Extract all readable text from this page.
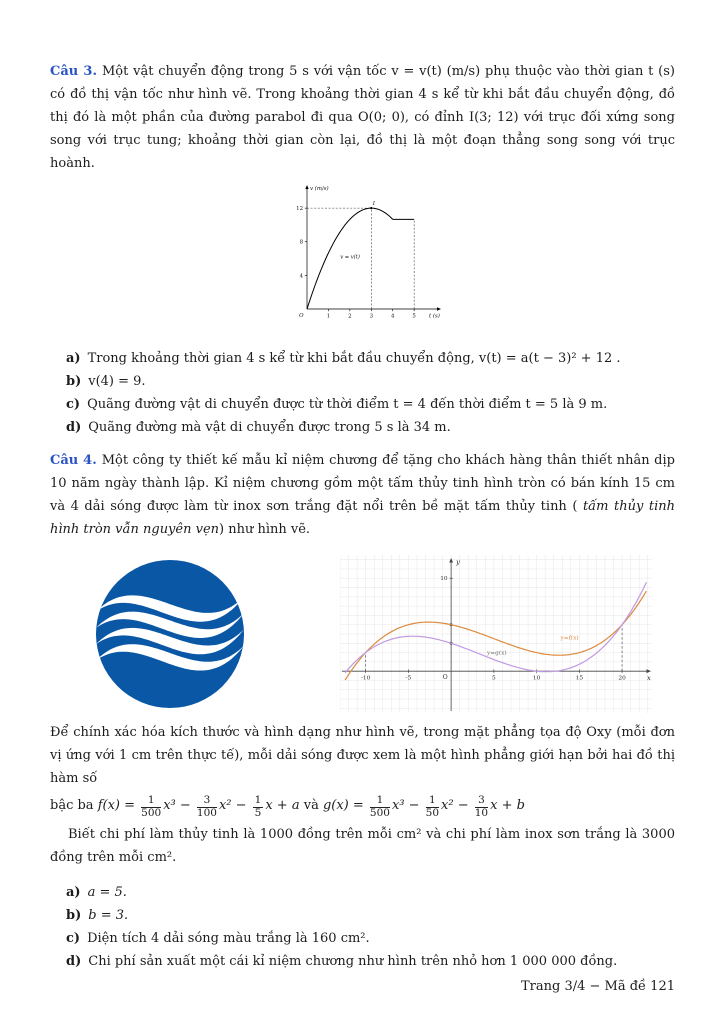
Câu 3. Một vật chuyển động trong 5 s với vận tốc v = v(t) (m/s) phụ thuộc vào thời gian t (s) có đồ thị vận tốc như hình vẽ. Trong khoảng thời gian 4 s kể từ khi bắt đầu chuyển động, đồ thị đó là một phần của đường parabol đi qua O(0; 0), có đỉnh I(3; 12) với trục đối xứng song song với trục tung; khoảng thời gian còn lại, đồ thị là một đoạn thẳng song song với trục hoành.

1	2	3	4	5
4
8
12
O
v (m/s)
t (s)
I
v = v(t)

a) Trong khoảng thời gian 4 s kể từ khi bắt đầu chuyển động, v(t) = a(t − 3)² + 12 .

b) v(4) = 9.

c) Quãng đường vật di chuyển được từ thời điểm t = 4 đến thời điểm t = 5 là 9 m.

d) Quãng đường mà vật di chuyển được trong 5 s là 34 m.

Câu 4. Một công ty thiết kế mẫu kỉ niệm chương để tặng cho khách hàng thân thiết nhân dịp 10 năm ngày thành lập. Kỉ niệm chương gồm một tấm thủy tinh hình tròn có bán kính 15 cm và 4 dải sóng được làm từ inox sơn trắng đặt nổi trên bề mặt tấm thủy tinh ( tấm thủy tinh hình tròn vẫn nguyên vẹn) như hình vẽ.

x
y
-10	-5	5	10	15	20
10
O
y=f(x)
y=g(x)

Để chính xác hóa kích thước và hình dạng như hình vẽ, trong mặt phẳng tọa độ Oxy (mỗi đơn vị ứng với 1 cm trên thực tế), mỗi dải sóng được xem là một hình phẳng giới hạn bởi hai đồ thị hàm số

bậc ba $f(x) = \frac{1}{500} x^3 - \frac{3}{100} x^2 - \frac{1}{5}$ x + a và $g(x) = \frac{1}{500} x^3 - \frac{1}{50} x^2 - \frac{3}{10}$ x + b

Biết chi phí làm thủy tinh là 1000 đồng trên mỗi cm² và chi phí làm inox sơn trắng là 3000 đồng trên mỗi cm².

a) a = 5.

b) b = 3.

c) Diện tích 4 dải sóng màu trắng là 160 cm².

d) Chi phí sản xuất một cái kỉ niệm chương như hình trên nhỏ hơn 1 000 000 đồng.

Trang 3/4 − Mã đề 121
